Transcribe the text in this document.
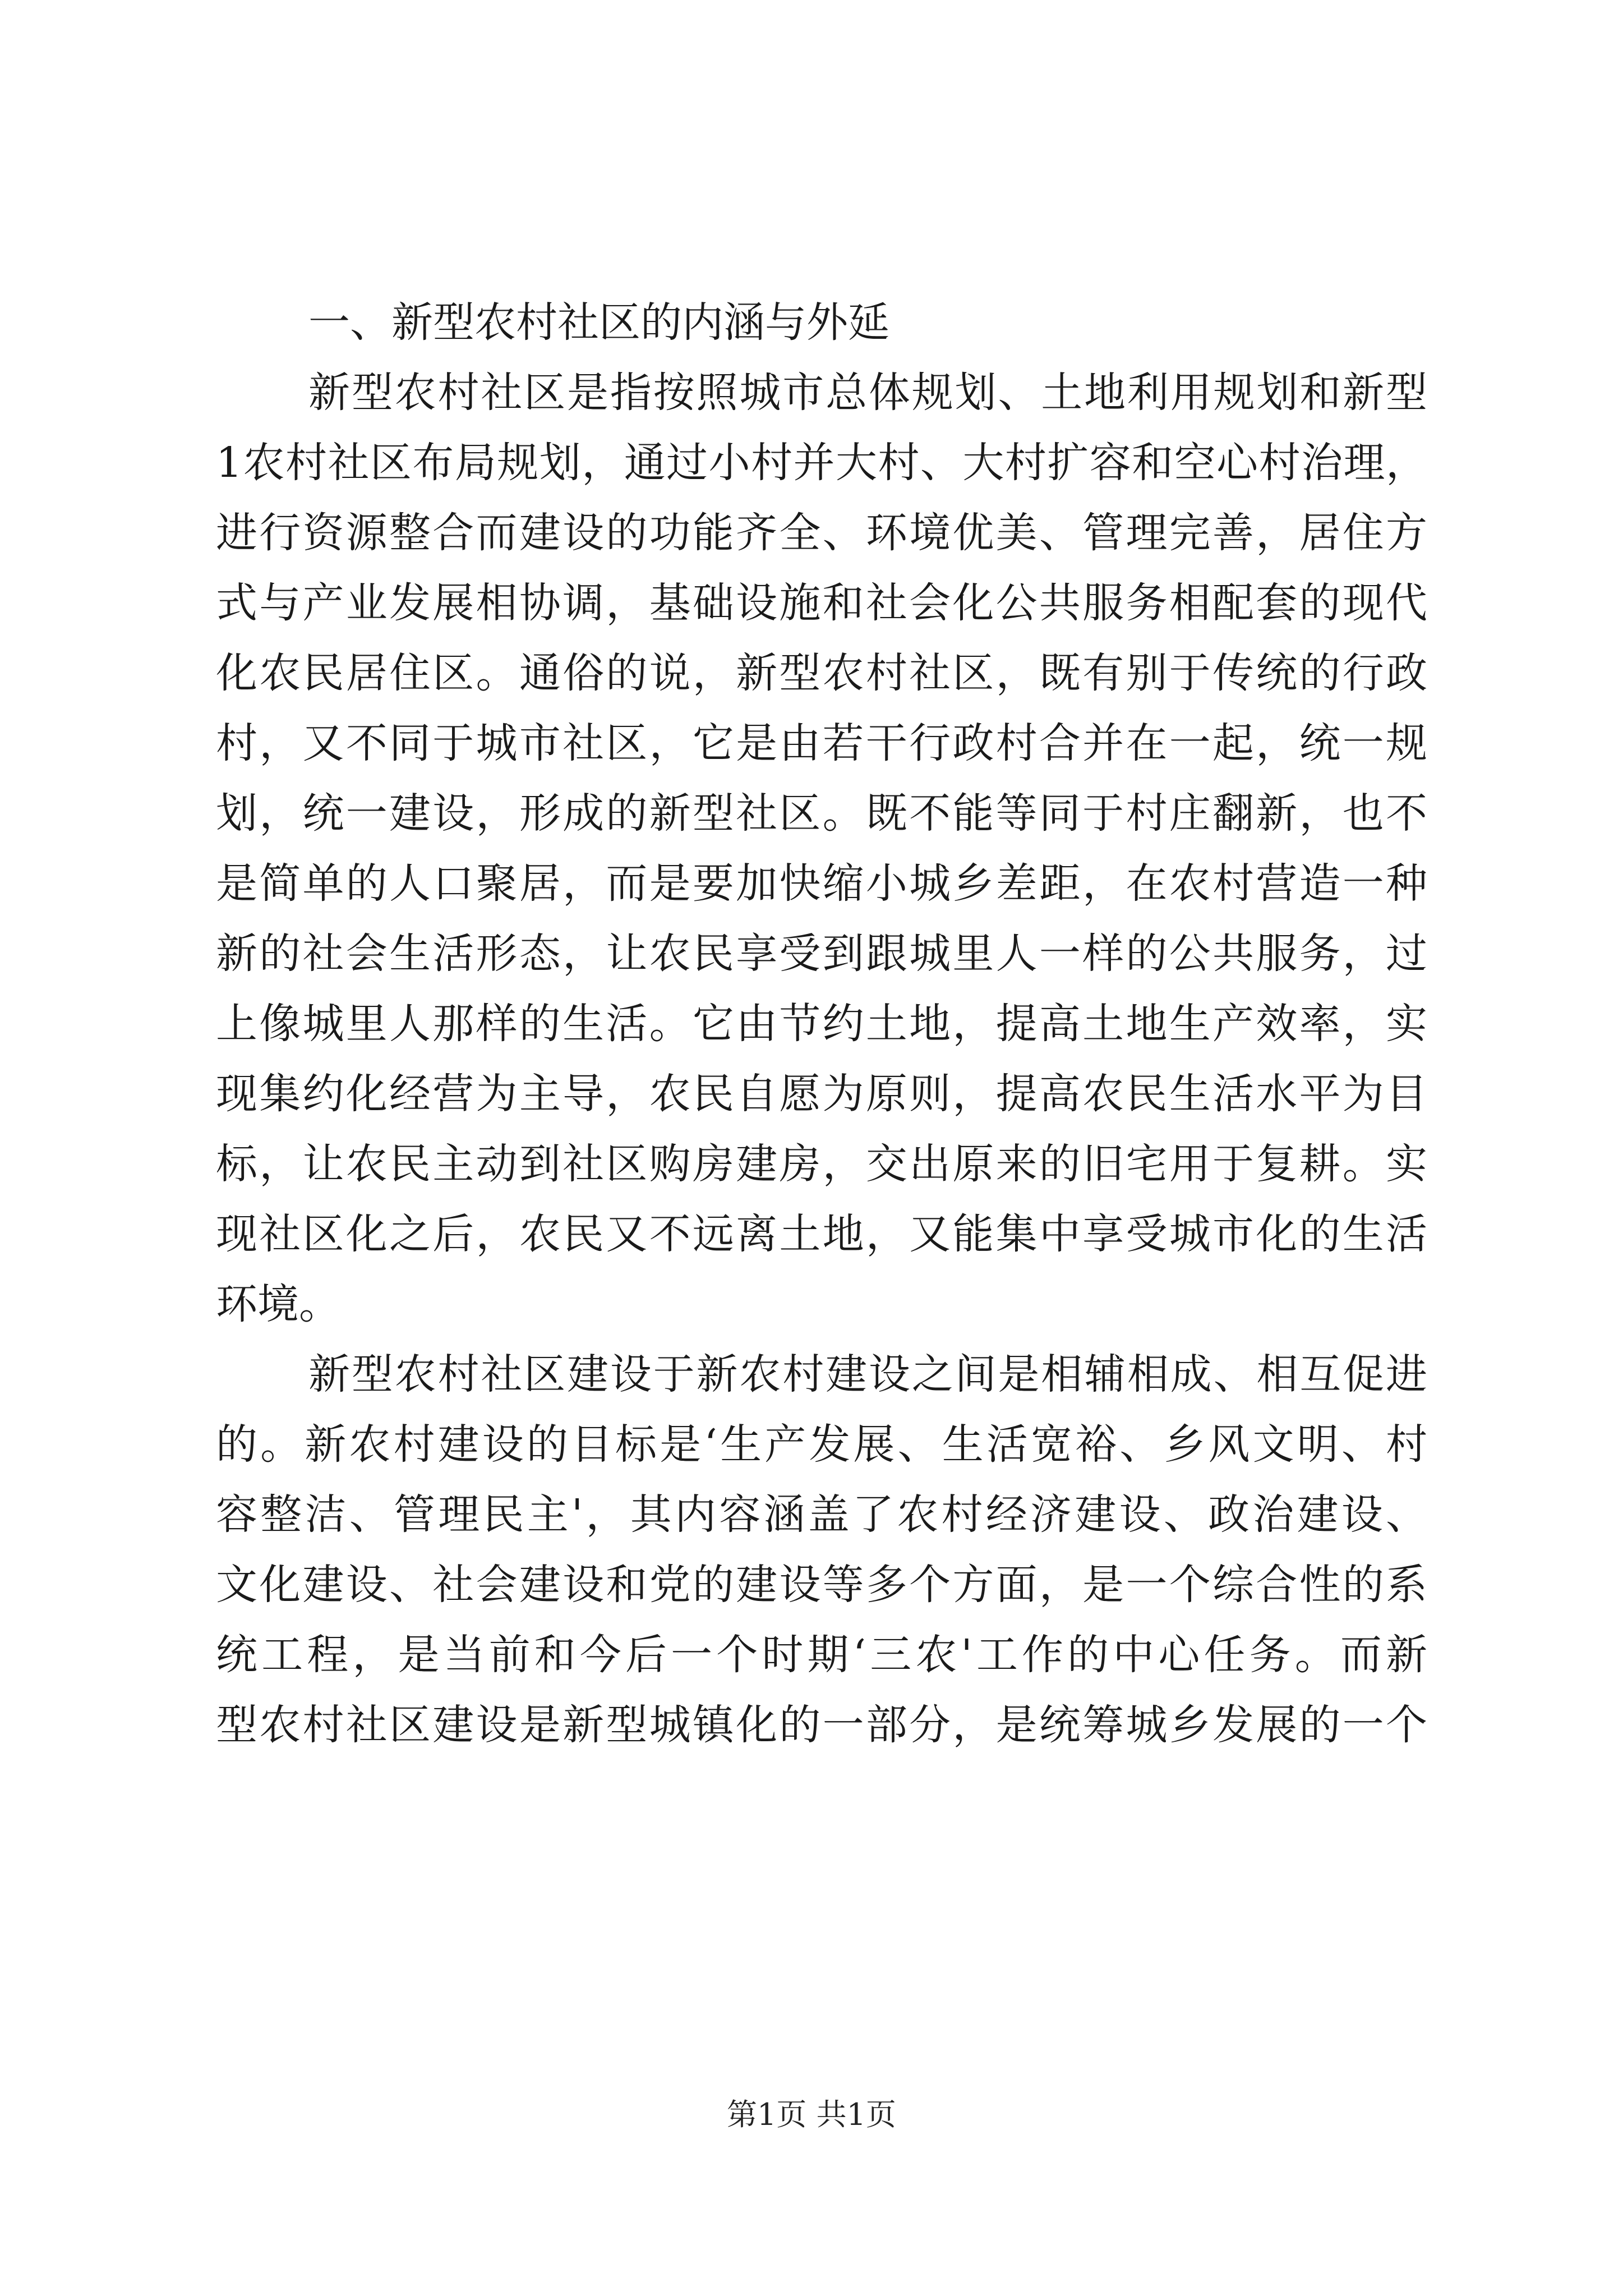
一、新型农村社区的内涵与外延
新型农村社区是指按照城市总体规划、土地利用规划和新型
1农村社区布局规划，通过小村并大村、大村扩容和空心村治理，
进行资源整合而建设的功能齐全、环境优美、管理完善，居住方
式与产业发展相协调，基础设施和社会化公共服务相配套的现代
化农民居住区。通俗的说，新型农村社区，既有别于传统的行政
村，又不同于城市社区，它是由若干行政村合并在一起，统一规
划，统一建设，形成的新型社区。既不能等同于村庄翻新，也不
是简单的人口聚居，而是要加快缩小城乡差距，在农村营造一种
新的社会生活形态，让农民享受到跟城里人一样的公共服务，过
上像城里人那样的生活。它由节约土地，提高土地生产效率，实
现集约化经营为主导，农民自愿为原则，提高农民生活水平为目
标，让农民主动到社区购房建房，交出原来的旧宅用于复耕。实
现社区化之后，农民又不远离土地，又能集中享受城市化的生活
环境。
新型农村社区建设于新农村建设之间是相辅相成、相互促进
的。新农村建设的目标是‘生产发展、生活宽裕、乡风文明、村
容整洁、管理民主'，其内容涵盖了农村经济建设、政治建设、
文化建设、社会建设和党的建设等多个方面，是一个综合性的系
统工程，是当前和今后一个时期‘三农'工作的中心任务。而新
型农村社区建设是新型城镇化的一部分，是统筹城乡发展的一个
第1页 共1页
